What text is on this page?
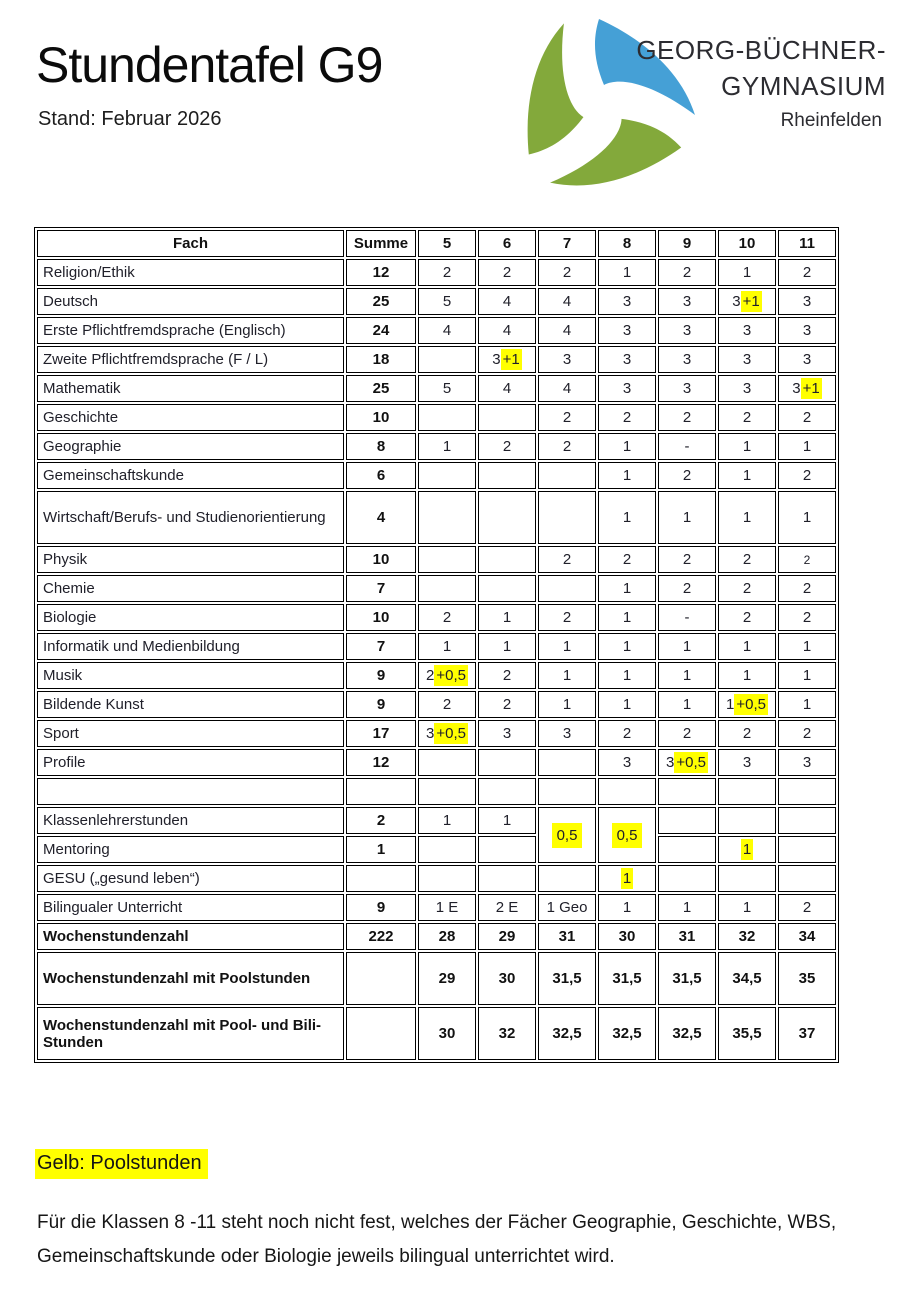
Stundentafel G9
Stand: Februar 2026
GEORG-BÜCHNER-
GYMNASIUM
Rheinfelden
Fach	Summe	5	6	7	8	9	10	11
Religion/Ethik	12	2	2	2	1	2	1	2
Deutsch	25	5	4	4	3	3	3 +1	3
Erste Pflichtfremdsprache (Englisch)	24	4	4	4	3	3	3	3
Zweite Pflichtfremdsprache (F / L)	18		3 +1	3	3	3	3	3
Mathematik	25	5	4	4	3	3	3	3 +1
Geschichte	10			2	2	2	2	2
Geographie	8	1	2	2	1	-	1	1
Gemeinschaftskunde	6				1	2	1	2
Wirtschaft/Berufs- und Studienorientierung	4				1	1	1	1
Physik	10			2	2	2	2	2
Chemie	7				1	2	2	2
Biologie	10	2	1	2	1	-	2	2
Informatik und Medienbildung	7	1	1	1	1	1	1	1
Musik	9	2 +0,5	2	1	1	1	1	1
Bildende Kunst	9	2	2	1	1	1	1 +0,5	1
Sport	17	3 +0,5	3	3	2	2	2	2
Profile	12				3	3 +0,5	3	3

Klassenlehrerstunden	2	1	1	0,5	0,5			
Mentoring	1						1	
GESU („gesund leben“)					1			
Bilingualer Unterricht	9	1 E	2 E	1 Geo	1	1	1	2
Wochenstundenzahl	222	28	29	31	30	31	32	34
Wochenstundenzahl mit Poolstunden		29	30	31,5	31,5	31,5	34,5	35
Wochenstundenzahl mit Pool- und Bili-Stunden		30	32	32,5	32,5	32,5	35,5	37
Gelb: Poolstunden
Für die Klassen 8 -11 steht noch nicht fest, welches der Fächer Geographie, Geschichte, WBS,
Gemeinschaftskunde oder Biologie jeweils bilingual unterrichtet wird.
